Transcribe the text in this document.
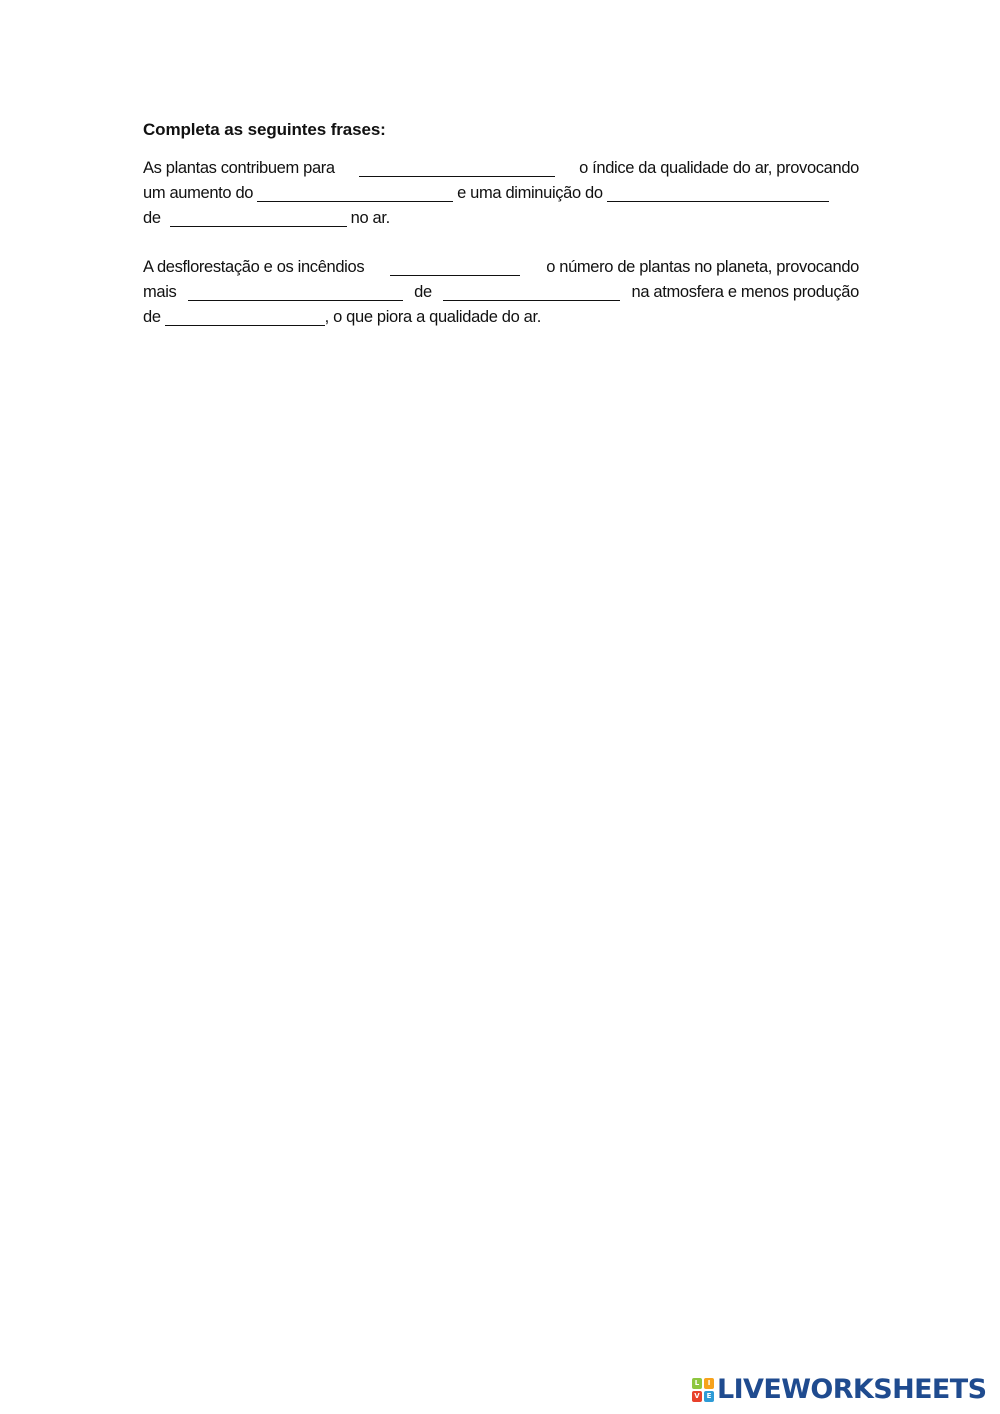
Completa as seguintes frases:
As plantas contribuem para	o índice da qualidade do ar, provocando
um aumento do	e uma diminuição do
de	no ar.
A desflorestação e os incêndios	o número de plantas no planeta, provocando
mais	de	na atmosfera e menos produção
de	, o que piora a qualidade do ar.
L	I
V E LIVEWORKSHEETS
